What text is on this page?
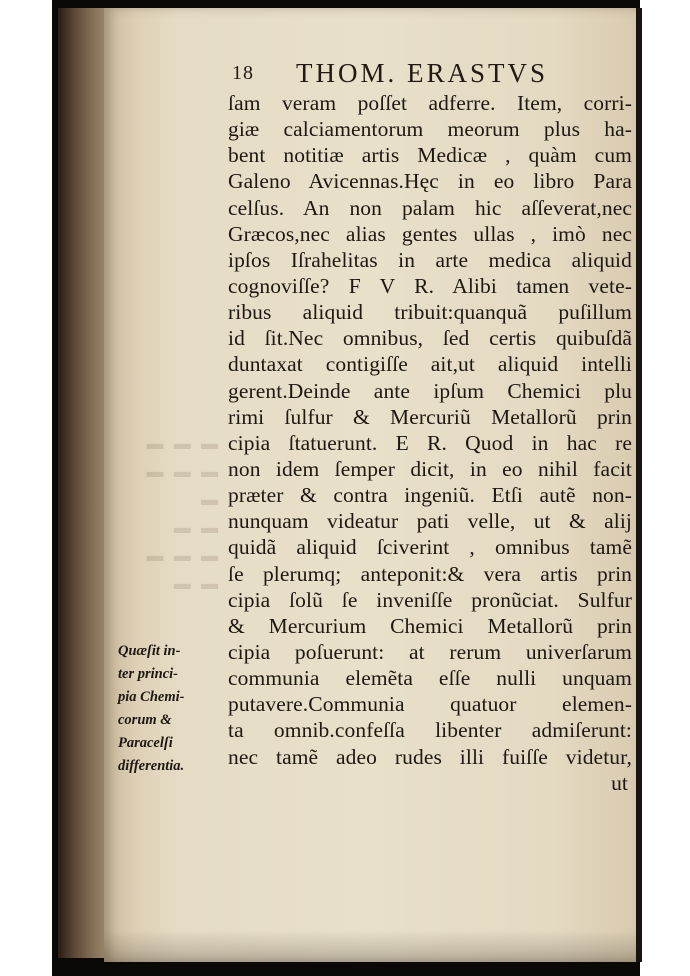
▬ ▬ ▬
▬ ▬ ▬ ▬
▬ ▬
▬ ▬ ▬
▬ ▬
18 THOM. ERASTVS
ſam veram poſſet adferre. Item, corri-
giæ calciamentorum meorum plus ha-
bent notitiæ artis Medicæ , quàm cum
Galeno Avicennas.Hęc in eo libro Para
celſus. An non palam hic aſſeverat,nec
Græcos,nec alias gentes ullas , imò nec
ipſos Iſrahelitas in arte medica aliquid
cognoviſſe? F V R. Alibi tamen vete-
ribus aliquid tribuit:quanquã puſillum
id ſit.Nec omnibus, ſed certis quibuſdã
duntaxat contigiſſe ait,ut aliquid intelli
gerent.Deinde ante ipſum Chemici plu
rimi ſulfur & Mercuriũ Metallorũ prin
cipia ſtatuerunt. E R. Quod in hac re
non idem ſemper dicit, in eo nihil facit
præter & contra ingeniũ. Etſi autẽ non-
nunquam videatur pati velle, ut & alij
quidã aliquid ſciverint , omnibus tamẽ
ſe plerumq; anteponit:& vera artis prin
cipia ſolũ ſe inveniſſe pronũciat. Sulfur
& Mercurium Chemici Metallorũ prin
cipia poſuerunt: at rerum univerſarum
communia elemẽta eſſe nulli unquam
putavere.Communia quatuor elemen-
ta omnib.confeſſa libenter admiſerunt:
nec tamẽ adeo rudes illi fuiſſe videtur,
ut
Quæſit in-
ter princi-
pia Chemi-
corum &
Paracelſi
differentia.
